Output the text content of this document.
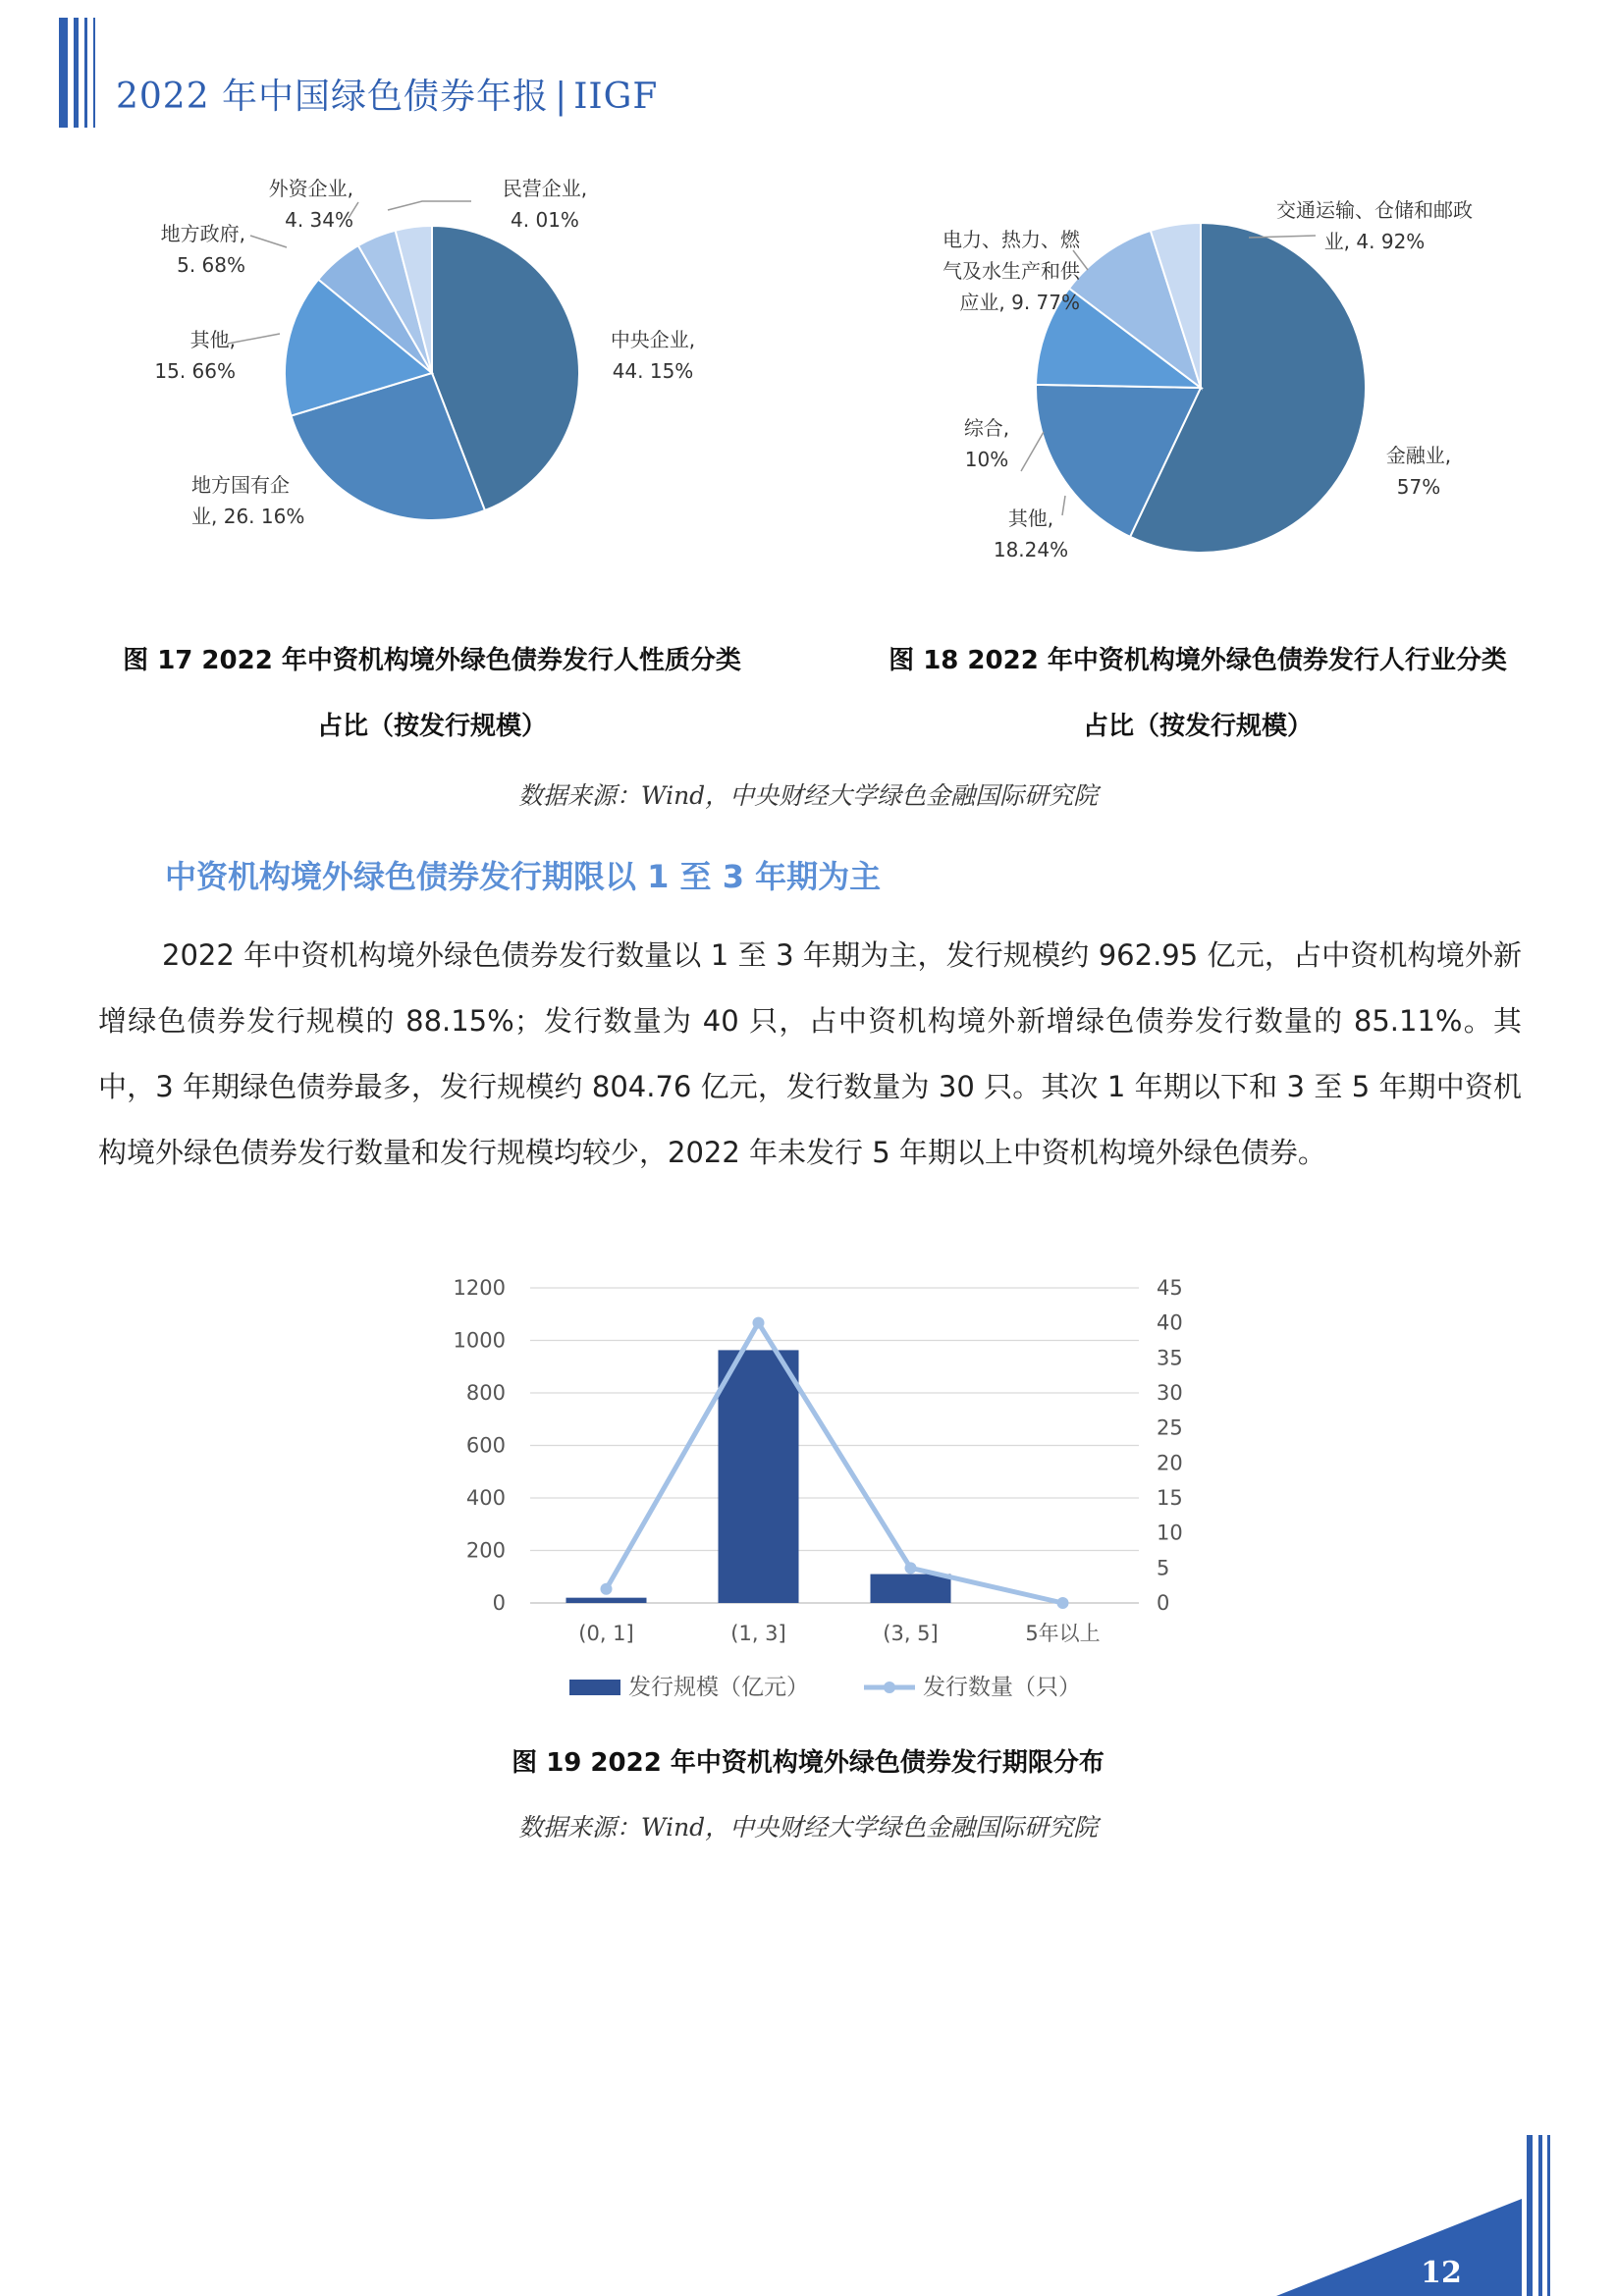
2022 年中国绿色债券年报 | IIGF
外资企业,
4. 34%
民营企业,
4. 01%
地方政府,
5. 68%
其他,
15. 66%
中央企业,
44. 15%
地方国有企
业, 26. 16%
交通运输、仓储和邮政
业, 4. 92%
电力、热力、燃
气及水生产和供
应业, 9. 77%
综合,
10%
其他,
18.24%
金融业,
57%
图 17 2022 年中资机构境外绿色债券发行人性质分类
占比（按发行规模）
图 18 2022 年中资机构境外绿色债券发行人行业分类
占比（按发行规模）
数据来源：Wind，中央财经大学绿色金融国际研究院
中资机构境外绿色债券发行期限以 1 至 3 年期为主
2022 年中资机构境外绿色债券发行数量以 1 至 3 年期为主，发行规模约 962.95 亿元，占中资机构境外新增绿色债券发行规模的 88.15%；发行数量为 40 只，占中资机构境外新增绿色债券发行数量的 85.11%。其中，3 年期绿色债券最多，发行规模约 804.76 亿元，发行数量为 30 只。其次 1 年期以下和 3 至 5 年期中资机构境外绿色债券发行数量和发行规模均较少，2022 年未发行 5 年期以上中资机构境外绿色债券。
0
200
400
600
800
1000
1200
0
5
10
15
20
25
30
35
40
45
(0, 1]	(1, 3]	(3, 5]	5年以上
发行规模（亿元）	发行数量（只）
图 19 2022 年中资机构境外绿色债券发行期限分布
数据来源：Wind，中央财经大学绿色金融国际研究院
12
